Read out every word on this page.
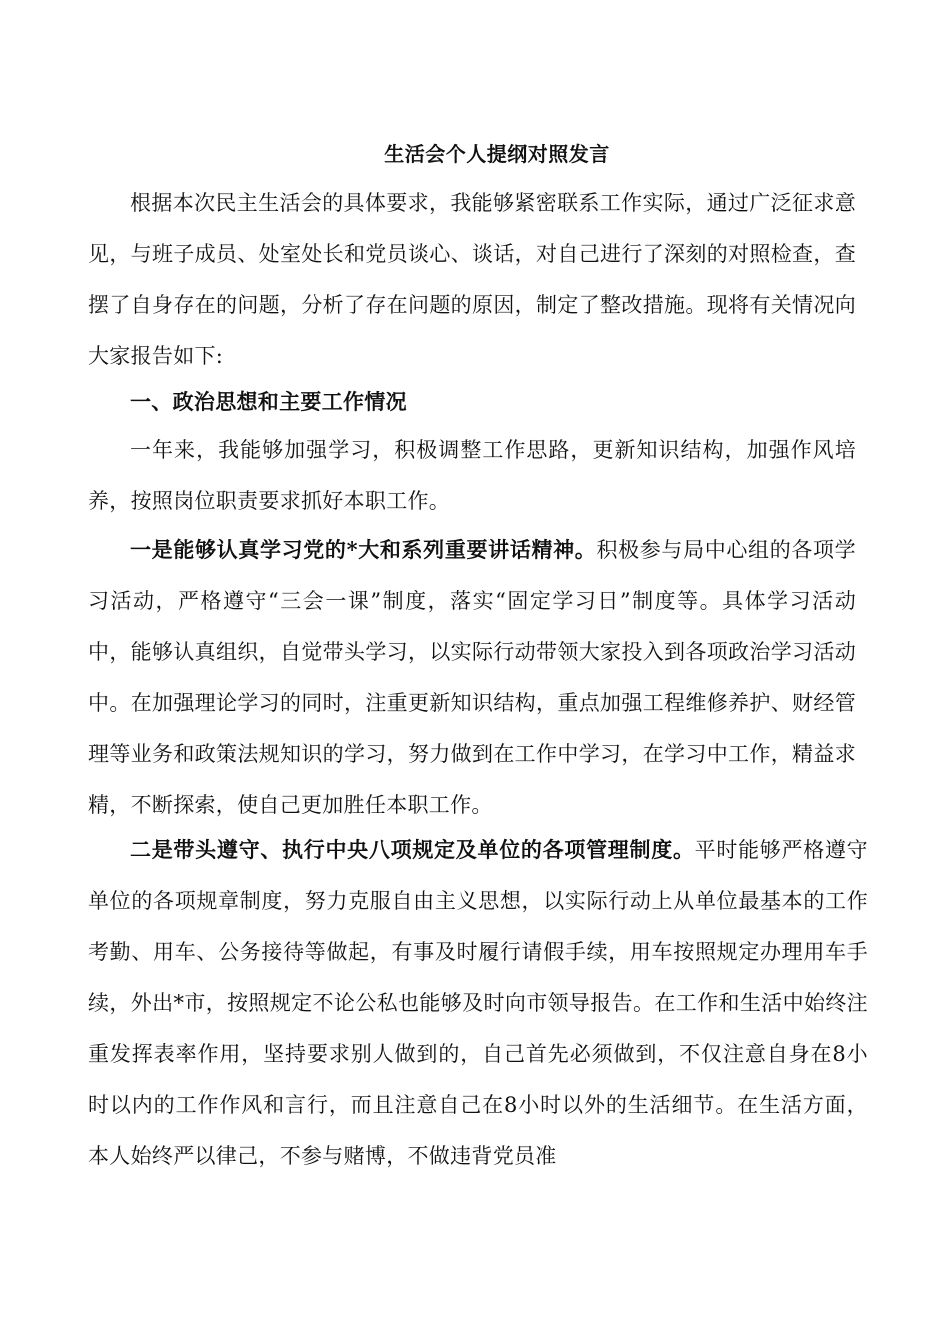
生活会个人提纲对照发言

根据本次民主生活会的具体要求，我能够紧密联系工作实际，通过广泛征求意见，与班子成员、处室处长和党员谈心、谈话，对自己进行了深刻的对照检查，查摆了自身存在的问题，分析了存在问题的原因，制定了整改措施。现将有关情况向大家报告如下:

一、政治思想和主要工作情况

一年来，我能够加强学习，积极调整工作思路，更新知识结构，加强作风培养，按照岗位职责要求抓好本职工作。

一是能够认真学习党的*大和系列重要讲话精神。积极参与局中心组的各项学习活动，严格遵守“三会一课”制度，落实“固定学习日”制度等。具体学习活动中，能够认真组织，自觉带头学习，以实际行动带领大家投入到各项政治学习活动中。在加强理论学习的同时，注重更新知识结构，重点加强工程维修养护、财经管理等业务和政策法规知识的学习，努力做到在工作中学习，在学习中工作，精益求精，不断探索，使自己更加胜任本职工作。

二是带头遵守、执行中央八项规定及单位的各项管理制度。平时能够严格遵守单位的各项规章制度，努力克服自由主义思想，以实际行动上从单位最基本的工作考勤、用车、公务接待等做起，有事及时履行请假手续，用车按照规定办理用车手续，外出*市，按照规定不论公私也能够及时向市领导报告。在工作和生活中始终注重发挥表率作用，坚持要求别人做到的，自己首先必须做到，不仅注意自身在8小时以内的工作作风和言行，而且注意自己在8小时以外的生活细节。在生活方面，本人始终严以律己，不参与赌博，不做违背党员准
